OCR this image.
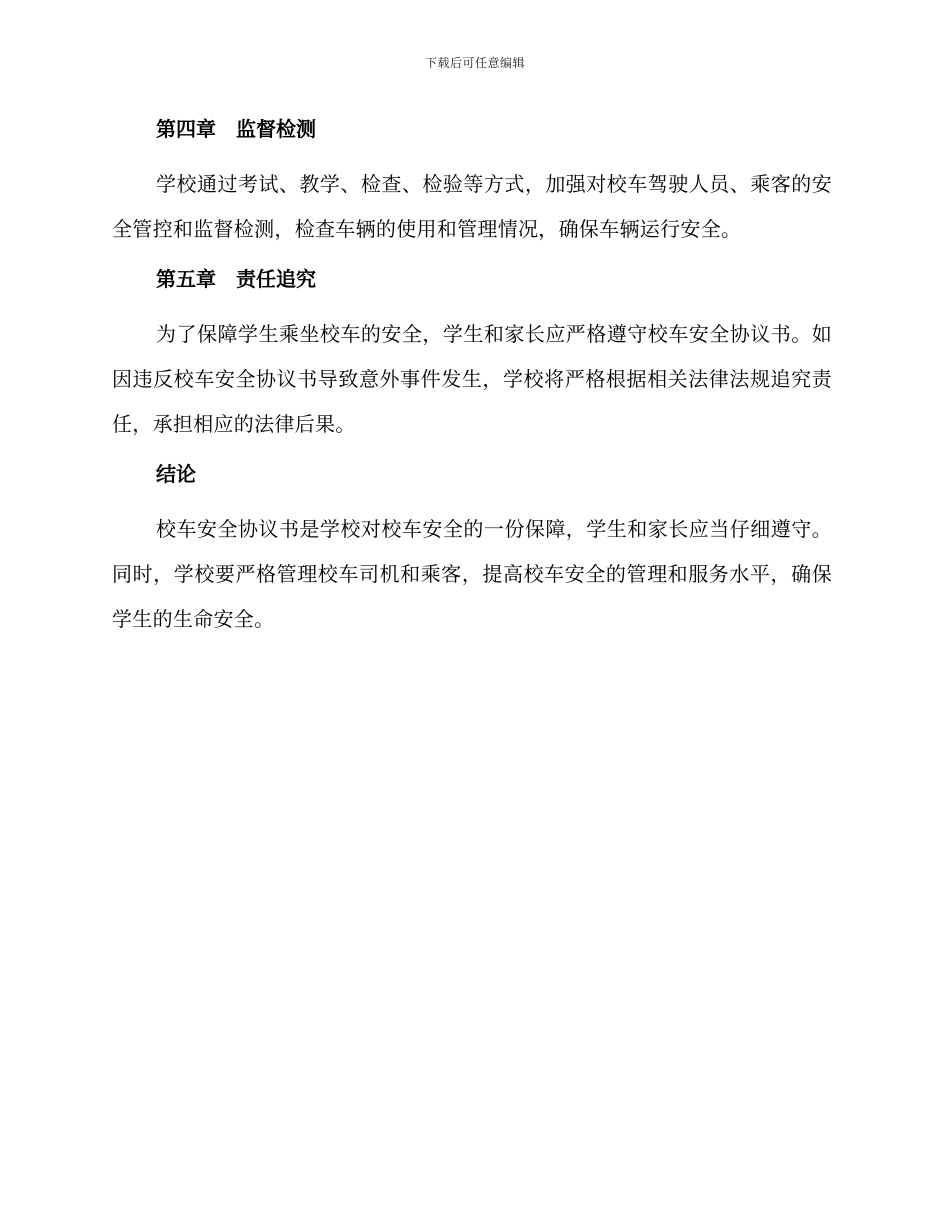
下载后可任意编辑
第四章　监督检测

学校通过考试、教学、检查、检验等方式，加强对校车驾驶人员、乘客的安全管控和监督检测，检查车辆的使用和管理情况，确保车辆运行安全。

第五章　责任追究

为了保障学生乘坐校车的安全，学生和家长应严格遵守校车安全协议书。如因违反校车安全协议书导致意外事件发生，学校将严格根据相关法律法规追究责任，承担相应的法律后果。

结论

校车安全协议书是学校对校车安全的一份保障，学生和家长应当仔细遵守。同时，学校要严格管理校车司机和乘客，提高校车安全的管理和服务水平，确保学生的生命安全。
